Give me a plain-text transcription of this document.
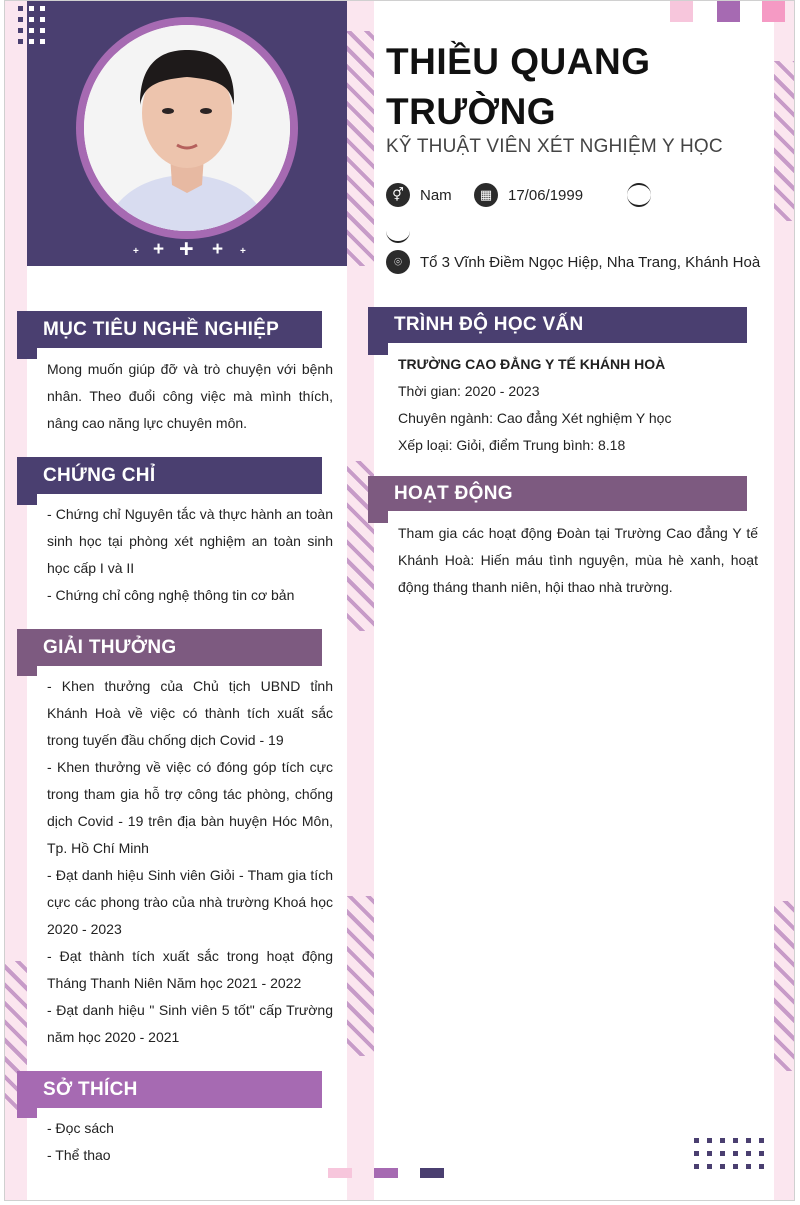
+ + + + +
THIỀU QUANG TRƯỜNG
KỸ THUẬT VIÊN XÉT NGHIỆM Y HỌC
⚥	Nam	▦	17/06/1999
⌾	Tổ 3 Vĩnh Điềm Ngọc Hiệp, Nha Trang, Khánh Hoà
MỤC TIÊU NGHỀ NGHIỆP

Mong muốn giúp đỡ và trò chuyện với bệnh nhân. Theo đuổi công việc mà mình thích, nâng cao năng lực chuyên môn.

CHỨNG CHỈ

- Chứng chỉ Nguyên tắc và thực hành an toàn sinh học tại phòng xét nghiệm an toàn sinh học cấp I và II

- Chứng chỉ công nghệ thông tin cơ bản

GIẢI THƯỞNG

- Khen thưởng của Chủ tịch UBND tỉnh Khánh Hoà về việc có thành tích xuất sắc trong tuyến đầu chống dịch Covid - 19

- Khen thưởng về việc có đóng góp tích cực trong tham gia hỗ trợ công tác phòng, chống dịch Covid - 19 trên địa bàn huyện Hóc Môn, Tp. Hồ Chí Minh

- Đạt danh hiệu Sinh viên Giỏi - Tham gia tích cực các phong trào của nhà trường Khoá học 2020 - 2023

- Đạt thành tích xuất sắc trong hoạt động Tháng Thanh Niên Năm học 2021 - 2022

- Đạt danh hiệu " Sinh viên 5 tốt" cấp Trường năm học 2020 - 2021

SỞ THÍCH

- Đọc sách

- Thể thao

TRÌNH ĐỘ HỌC VẤN

TRƯỜNG CAO ĐẲNG Y TẾ KHÁNH HOÀ

Thời gian: 2020 - 2023

Chuyên ngành: Cao đẳng Xét nghiệm Y học

Xếp loại: Giỏi, điểm Trung bình: 8.18

HOẠT ĐỘNG

Tham gia các hoạt động Đoàn tại Trường Cao đẳng Y tế Khánh Hoà: Hiến máu tình nguyện, mùa hè xanh, hoạt động tháng thanh niên, hội thao nhà trường.
